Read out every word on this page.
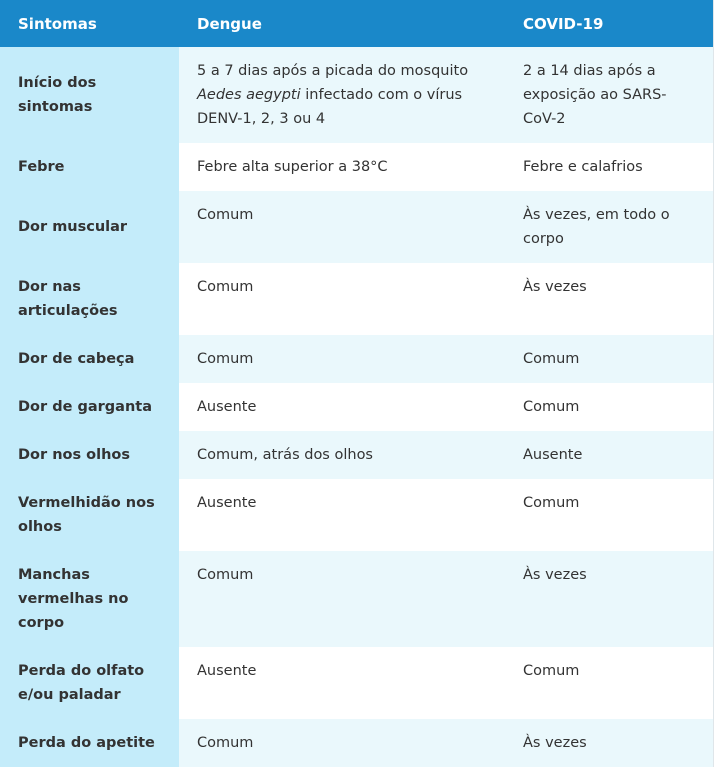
Sintomas	Dengue	COVID-19
Início dos sintomas	5 a 7 dias após a picada do mosquito Aedes aegypti infectado com o vírus DENV-1, 2, 3 ou 4	2 a 14 dias após a exposição ao SARS-CoV-2
Febre	Febre alta superior a 38°C	Febre e calafrios
Dor muscular	Comum	Às vezes, em todo o corpo
Dor nas articulações	Comum	Às vezes
Dor de cabeça	Comum	Comum
Dor de garganta	Ausente	Comum
Dor nos olhos	Comum, atrás dos olhos	Ausente
Vermelhidão nos olhos	Ausente	Comum
Manchas vermelhas no corpo	Comum	Às vezes
Perda do olfato e/ou paladar	Ausente	Comum
Perda do apetite	Comum	Às vezes
